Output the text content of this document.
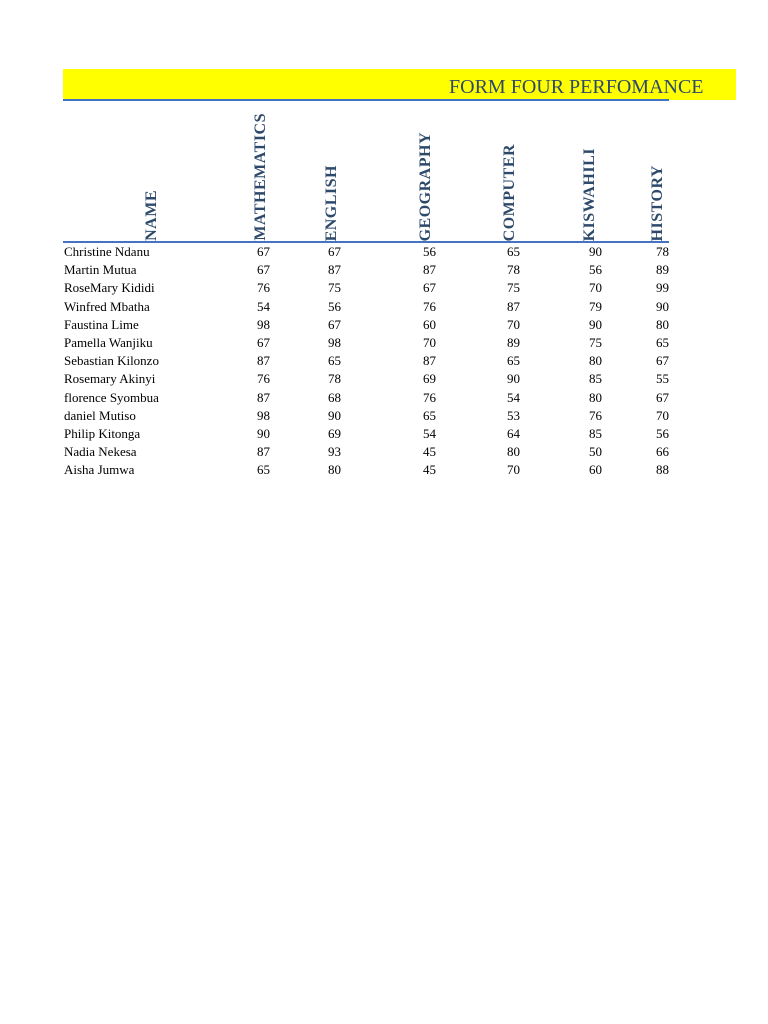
FORM FOUR PERFOMANCE
NAME	MATHEMATICS	ENGLISH	GEOGRAPHY	COMPUTER	KISWAHILI	HISTORY
Christine Ndanu	67	67	56	65	90	78
Martin Mutua	67	87	87	78	56	89
RoseMary Kididi	76	75	67	75	70	99
Winfred Mbatha	54	56	76	87	79	90
Faustina Lime	98	67	60	70	90	80
Pamella Wanjiku	67	98	70	89	75	65
Sebastian Kilonzo	87	65	87	65	80	67
Rosemary Akinyi	76	78	69	90	85	55
florence Syombua	87	68	76	54	80	67
daniel Mutiso	98	90	65	53	76	70
Philip Kitonga	90	69	54	64	85	56
Nadia Nekesa	87	93	45	80	50	66
Aisha Jumwa	65	80	45	70	60	88
